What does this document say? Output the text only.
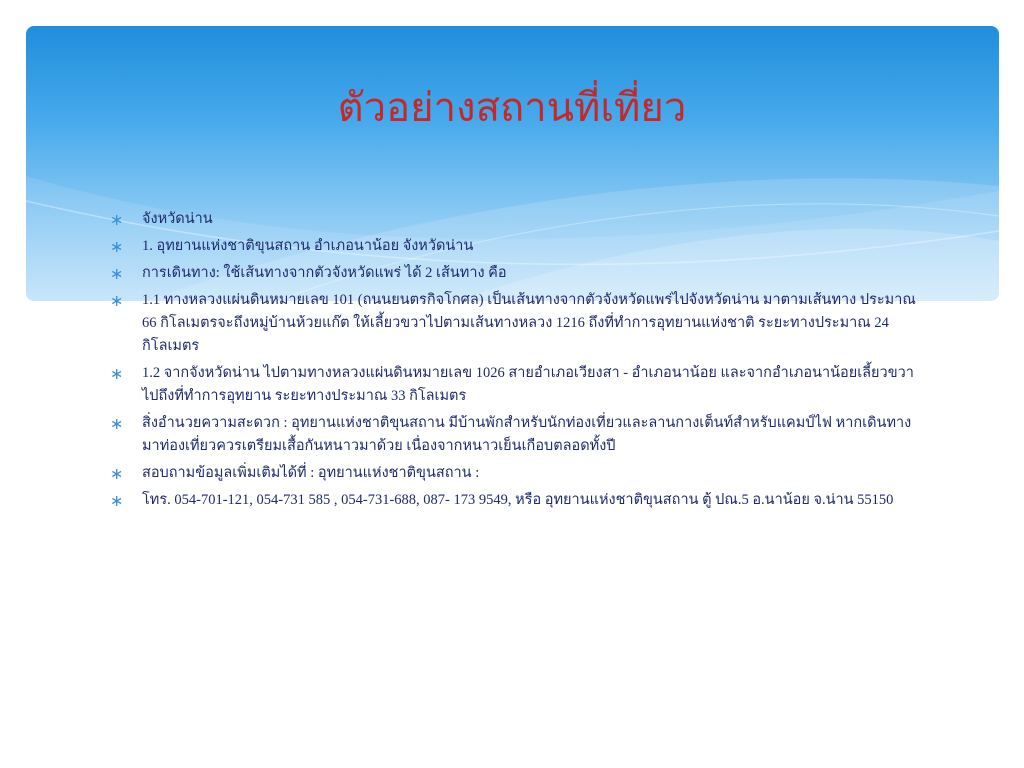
ตัวอย่างสถานที่เที่ยว
∗ จังหวัดน่าน
∗ 1. อุทยานแห่งชาติขุนสถาน อำเภอนาน้อย จังหวัดน่าน
∗ การเดินทาง: ใช้เส้นทางจากตัวจังหวัดแพร่ ได้ 2 เส้นทาง คือ
∗ 1.1 ทางหลวงแผ่นดินหมายเลข 101 (ถนนยนตรกิจโกศล) เป็นเส้นทางจากตัวจังหวัดแพร่ไปจังหวัดน่าน มาตามเส้นทาง ประมาณ 66 กิโลเมตรจะถึงหมู่บ้านห้วยแก๊ต ให้เลี้ยวขวาไปตามเส้นทางหลวง 1216 ถึงที่ทำการอุทยานแห่งชาติ ระยะทางประมาณ 24 กิโลเมตร
∗ 1.2 จากจังหวัดน่าน ไปตามทางหลวงแผ่นดินหมายเลข 1026 สายอำเภอเวียงสา - อำเภอนาน้อย และจากอำเภอนาน้อยเลี้ยวขวา ไปถึงที่ทำการอุทยาน ระยะทางประมาณ 33 กิโลเมตร
∗ สิ่งอำนวยความสะดวก : อุทยานแห่งชาติขุนสถาน มีบ้านพักสำหรับนักท่องเที่ยวและลานกางเต็นท์สำหรับแคมป์ไฟ หากเดินทางมาท่องเที่ยวควรเตรียมเสื้อกันหนาวมาด้วย เนื่องจากหนาวเย็นเกือบตลอดทั้งปี
∗ สอบถามข้อมูลเพิ่มเติมได้ที่ : อุทยานแห่งชาติขุนสถาน :
∗ โทร. 054-701-121, 054-731 585 , 054-731-688, 087- 173 9549, หรือ อุทยานแห่งชาติขุนสถาน ตู้ ปณ.5 อ.นาน้อย จ.น่าน 55150
